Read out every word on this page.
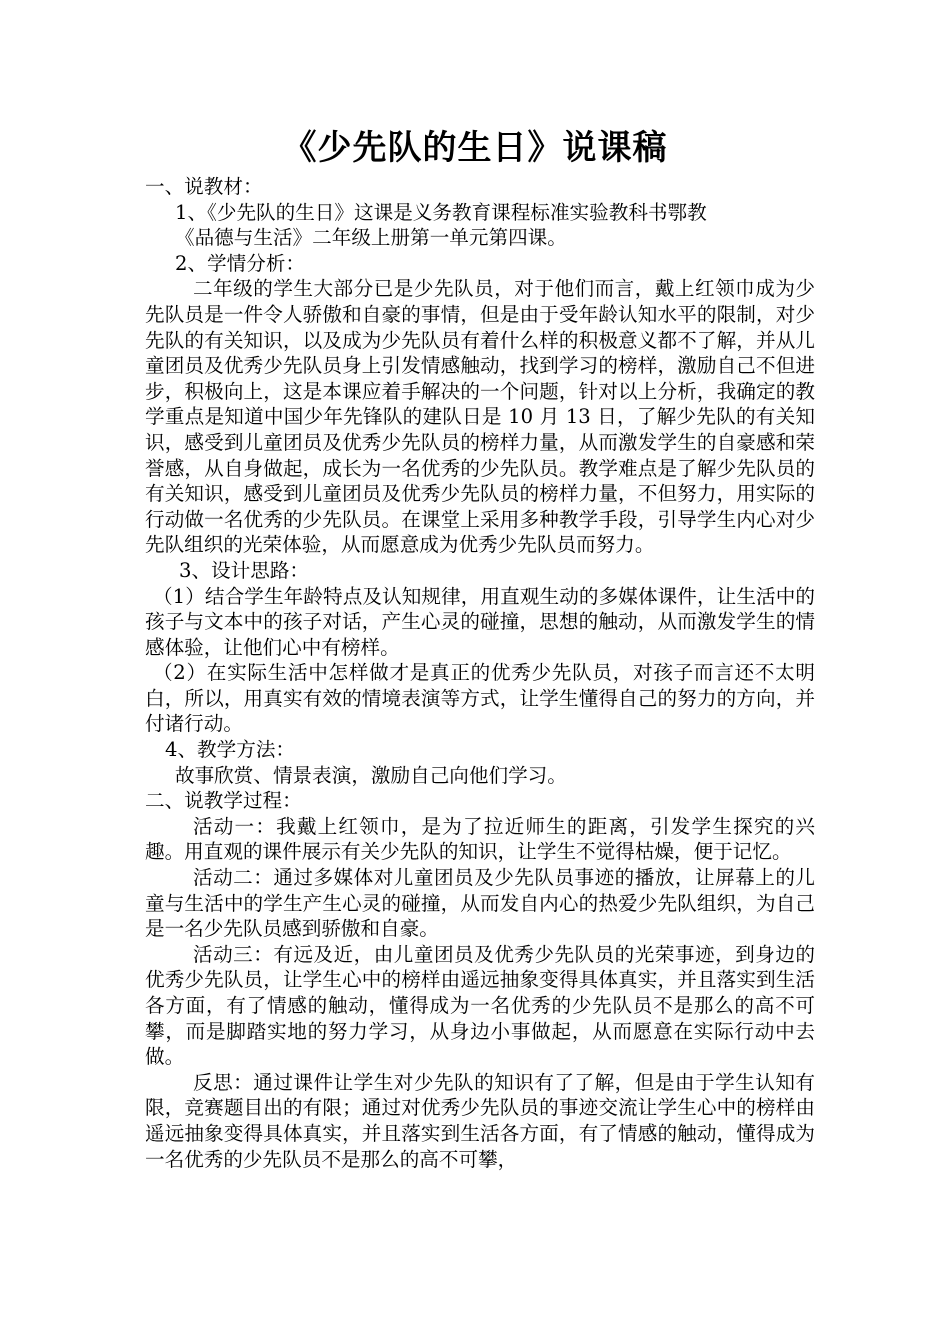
《少先队的生日》说课稿

一、说教材：

1、《少先队的生日》这课是义务教育课程标准实验教科书鄂教

《品德与生活》二年级上册第一单元第四课。

2、学情分析：

二年级的学生大部分已是少先队员，对于他们而言，戴上红领巾成为少先队员是一件令人骄傲和自豪的事情，但是由于受年龄认知水平的限制，对少先队的有关知识，以及成为少先队员有着什么样的积极意义都不了解，并从儿童团员及优秀少先队员身上引发情感触动，找到学习的榜样，激励自己不但进步，积极向上，这是本课应着手解决的一个问题，针对以上分析，我确定的教学重点是知道中国少年先锋队的建队日是 10 月 13 日，了解少先队的有关知识，感受到儿童团员及优秀少先队员的榜样力量，从而激发学生的自豪感和荣誉感，从自身做起，成长为一名优秀的少先队员。教学难点是了解少先队员的有关知识，感受到儿童团员及优秀少先队员的榜样力量，不但努力，用实际的行动做一名优秀的少先队员。在课堂上采用多种教学手段，引导学生内心对少先队组织的光荣体验，从而愿意成为优秀少先队员而努力。

3、设计思路：

（1）结合学生年龄特点及认知规律，用直观生动的多媒体课件，让生活中的孩子与文本中的孩子对话，产生心灵的碰撞，思想的触动，从而激发学生的情感体验，让他们心中有榜样。

（2）在实际生活中怎样做才是真正的优秀少先队员，对孩子而言还不太明白，所以，用真实有效的情境表演等方式，让学生懂得自己的努力的方向，并付诸行动。

4、教学方法：

故事欣赏、情景表演，激励自己向他们学习。

二、说教学过程：

活动一：我戴上红领巾，是为了拉近师生的距离，引发学生探究的兴趣。用直观的课件展示有关少先队的知识，让学生不觉得枯燥，便于记忆。

活动二：通过多媒体对儿童团员及少先队员事迹的播放，让屏幕上的儿童与生活中的学生产生心灵的碰撞，从而发自内心的热爱少先队组织，为自己是一名少先队员感到骄傲和自豪。

活动三：有远及近，由儿童团员及优秀少先队员的光荣事迹，到身边的优秀少先队员，让学生心中的榜样由遥远抽象变得具体真实，并且落实到生活各方面，有了情感的触动，懂得成为一名优秀的少先队员不是那么的高不可攀，而是脚踏实地的努力学习，从身边小事做起，从而愿意在实际行动中去做。

反思：通过课件让学生对少先队的知识有了了解，但是由于学生认知有限，竞赛题目出的有限；通过对优秀少先队员的事迹交流让学生心中的榜样由遥远抽象变得具体真实，并且落实到生活各方面，有了情感的触动，懂得成为一名优秀的少先队员不是那么的高不可攀，
